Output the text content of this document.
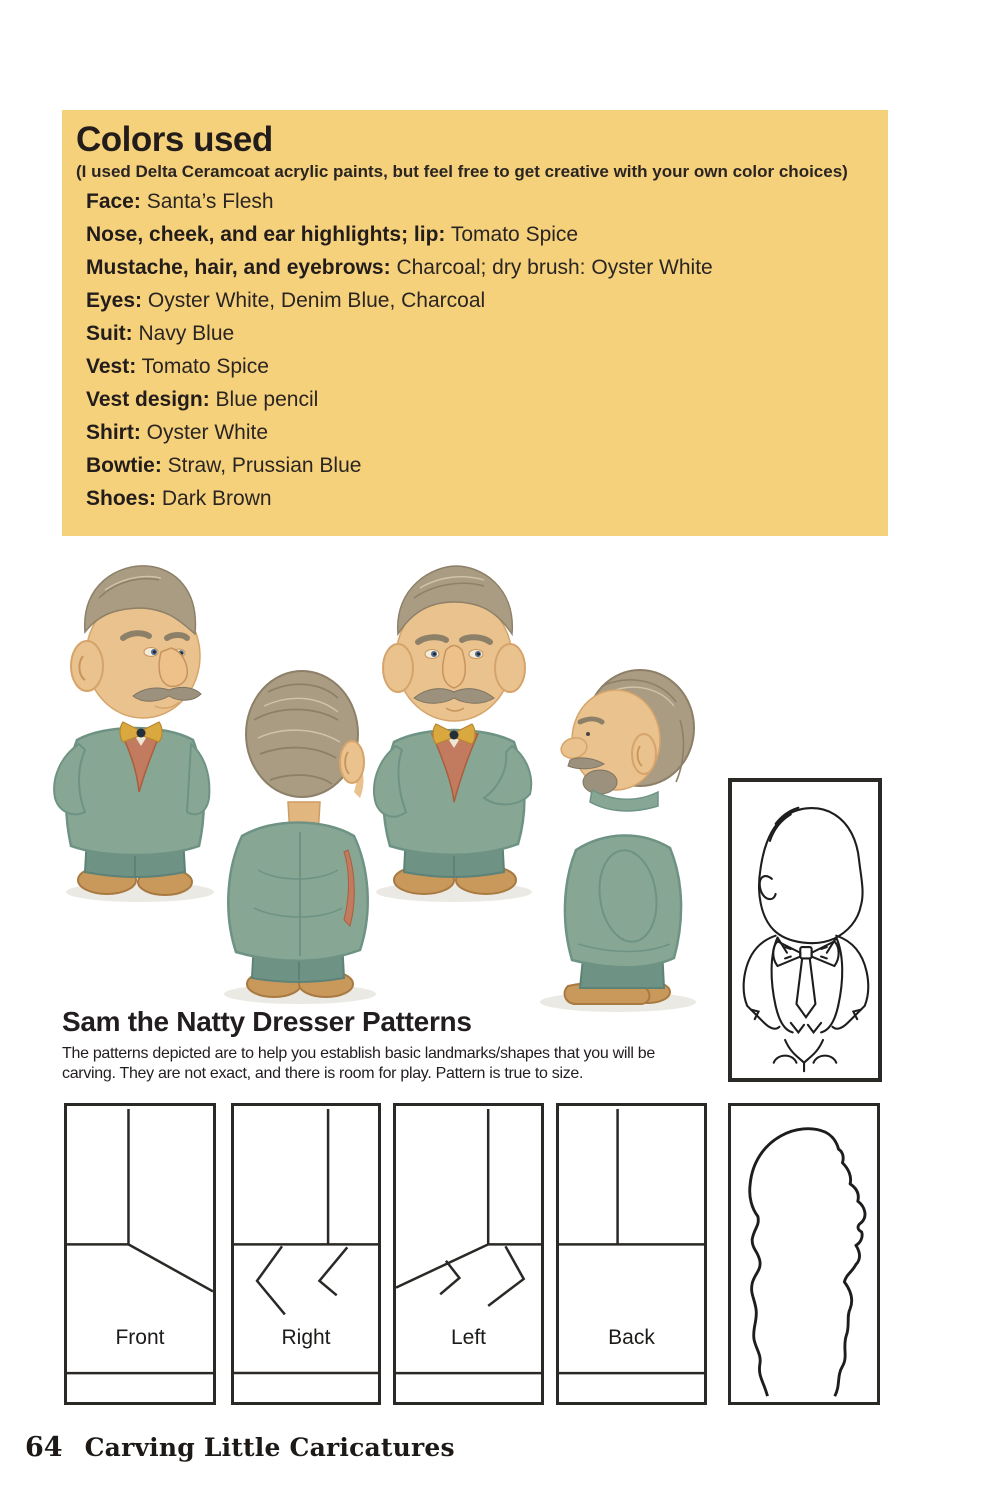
Colors used

(I used Delta Ceramcoat acrylic paints, but feel free to get creative with your own color choices)

Face: Santa’s Flesh
Nose, cheek, and ear highlights; lip: Tomato Spice
Mustache, hair, and eyebrows: Charcoal; dry brush: Oyster White
Eyes: Oyster White, Denim Blue, Charcoal
Suit: Navy Blue
Vest: Tomato Spice
Vest design: Blue pencil
Shirt: Oyster White
Bowtie: Straw, Prussian Blue
Shoes: Dark Brown
Sam the Natty Dresser Patterns

The patterns depicted are to help you establish basic landmarks/shapes that you will be carving. They are not exact, and there is room for play. Pattern is true to size.

Front	Right	Left	Back
64 Carving Little Caricatures
